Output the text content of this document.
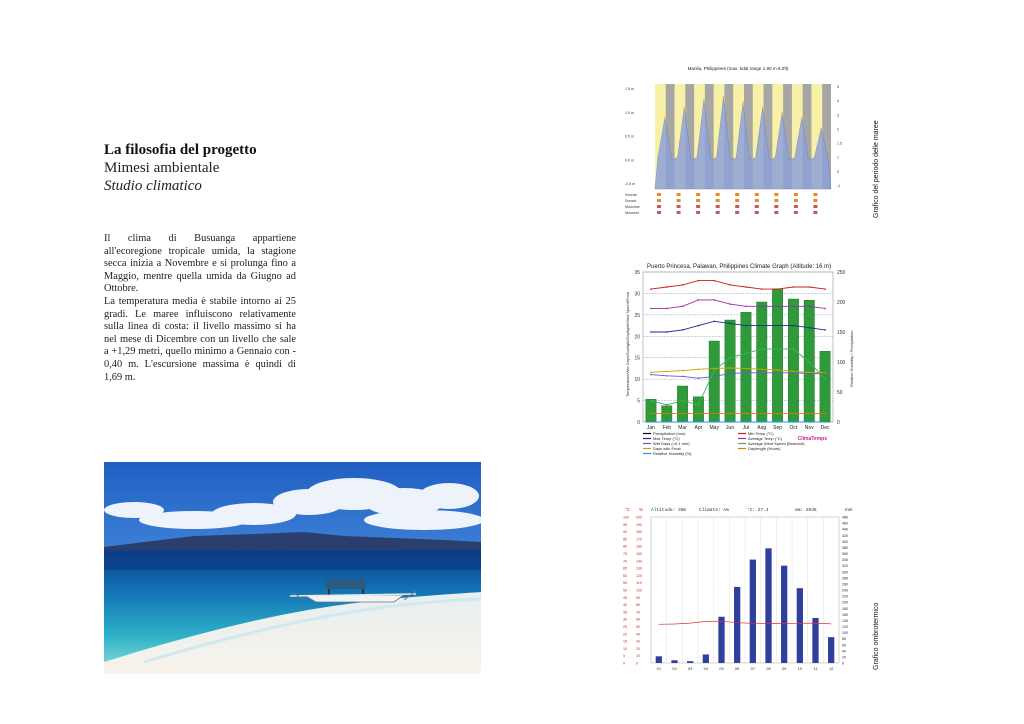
La filosofia del progetto
Mimesi ambientale
Studio climatico

Il clima di Busuanga appartiene all'ecoregione tropicale umida, la stagione secca inizia a Novembre e si prolunga fino a Maggio, mentre quella umida da Giugno ad Ottobre.

La temperatura media è stabile intorno ai 25 gradi. Le maree influiscono relativamente sulla linea di costa: il livello massimo si ha nel mese di Dicembre con un livello che sale a +1,29 metri, quello minimo a Gennaio con - 0,40 m. L'escursione massima è quindi di 1,69 m.

Manila, Philippines (max. tidal range 1.90 m 6.2ft)
1.5 m
1.0 m
0.5 m
0.0 m
-0.5 m
5
4
3
2
1.5
1
0
-1
Sunrise
Sunset
Moonrise
Moonset	Grafico del periodo delle maree
Puerto Princesa, Palawan, Philippines Climate Graph (Altitude: 16 m)
35
30
25
20
15
10
5
0
250
200
150
100
50
0
Temperature/Wet Days/Sunlight/Daylight/Wind Speed/Frost	Relative Humidity / Precipitation
Jan Feb Mar Apr May Jun Jul Aug Sep Oct Nov Dec
Precipitation (mm)	Min Temp (°C)
Max Temp (°C)	Average Temp (°C)
Wet Days (>0.1 mm)	Average Wind Speed (Beaufort)
Days with Frost	Daylength (Hours)
Relative Humidity (%)
ClimaTemps
Altitude: 30m	Climate: Am	°C: 27.4	mm: 2036
°C %	mm
480
460
440
420
400
380
360
340
320
300
280
260
240
220
200
180
160
140
120
100
80
60
40
20
0
100
95
90
85
80
75
70
65
60
55
50
45
40
35
30
25
20
15
10
5
0
200
190
180
170
160
150
140
130
120
110
100
90
80
70
60
50
40
30
20
10
0
01	02	03	04	05	06	07	08	09	10	11	12	Grafico ombrotermico
